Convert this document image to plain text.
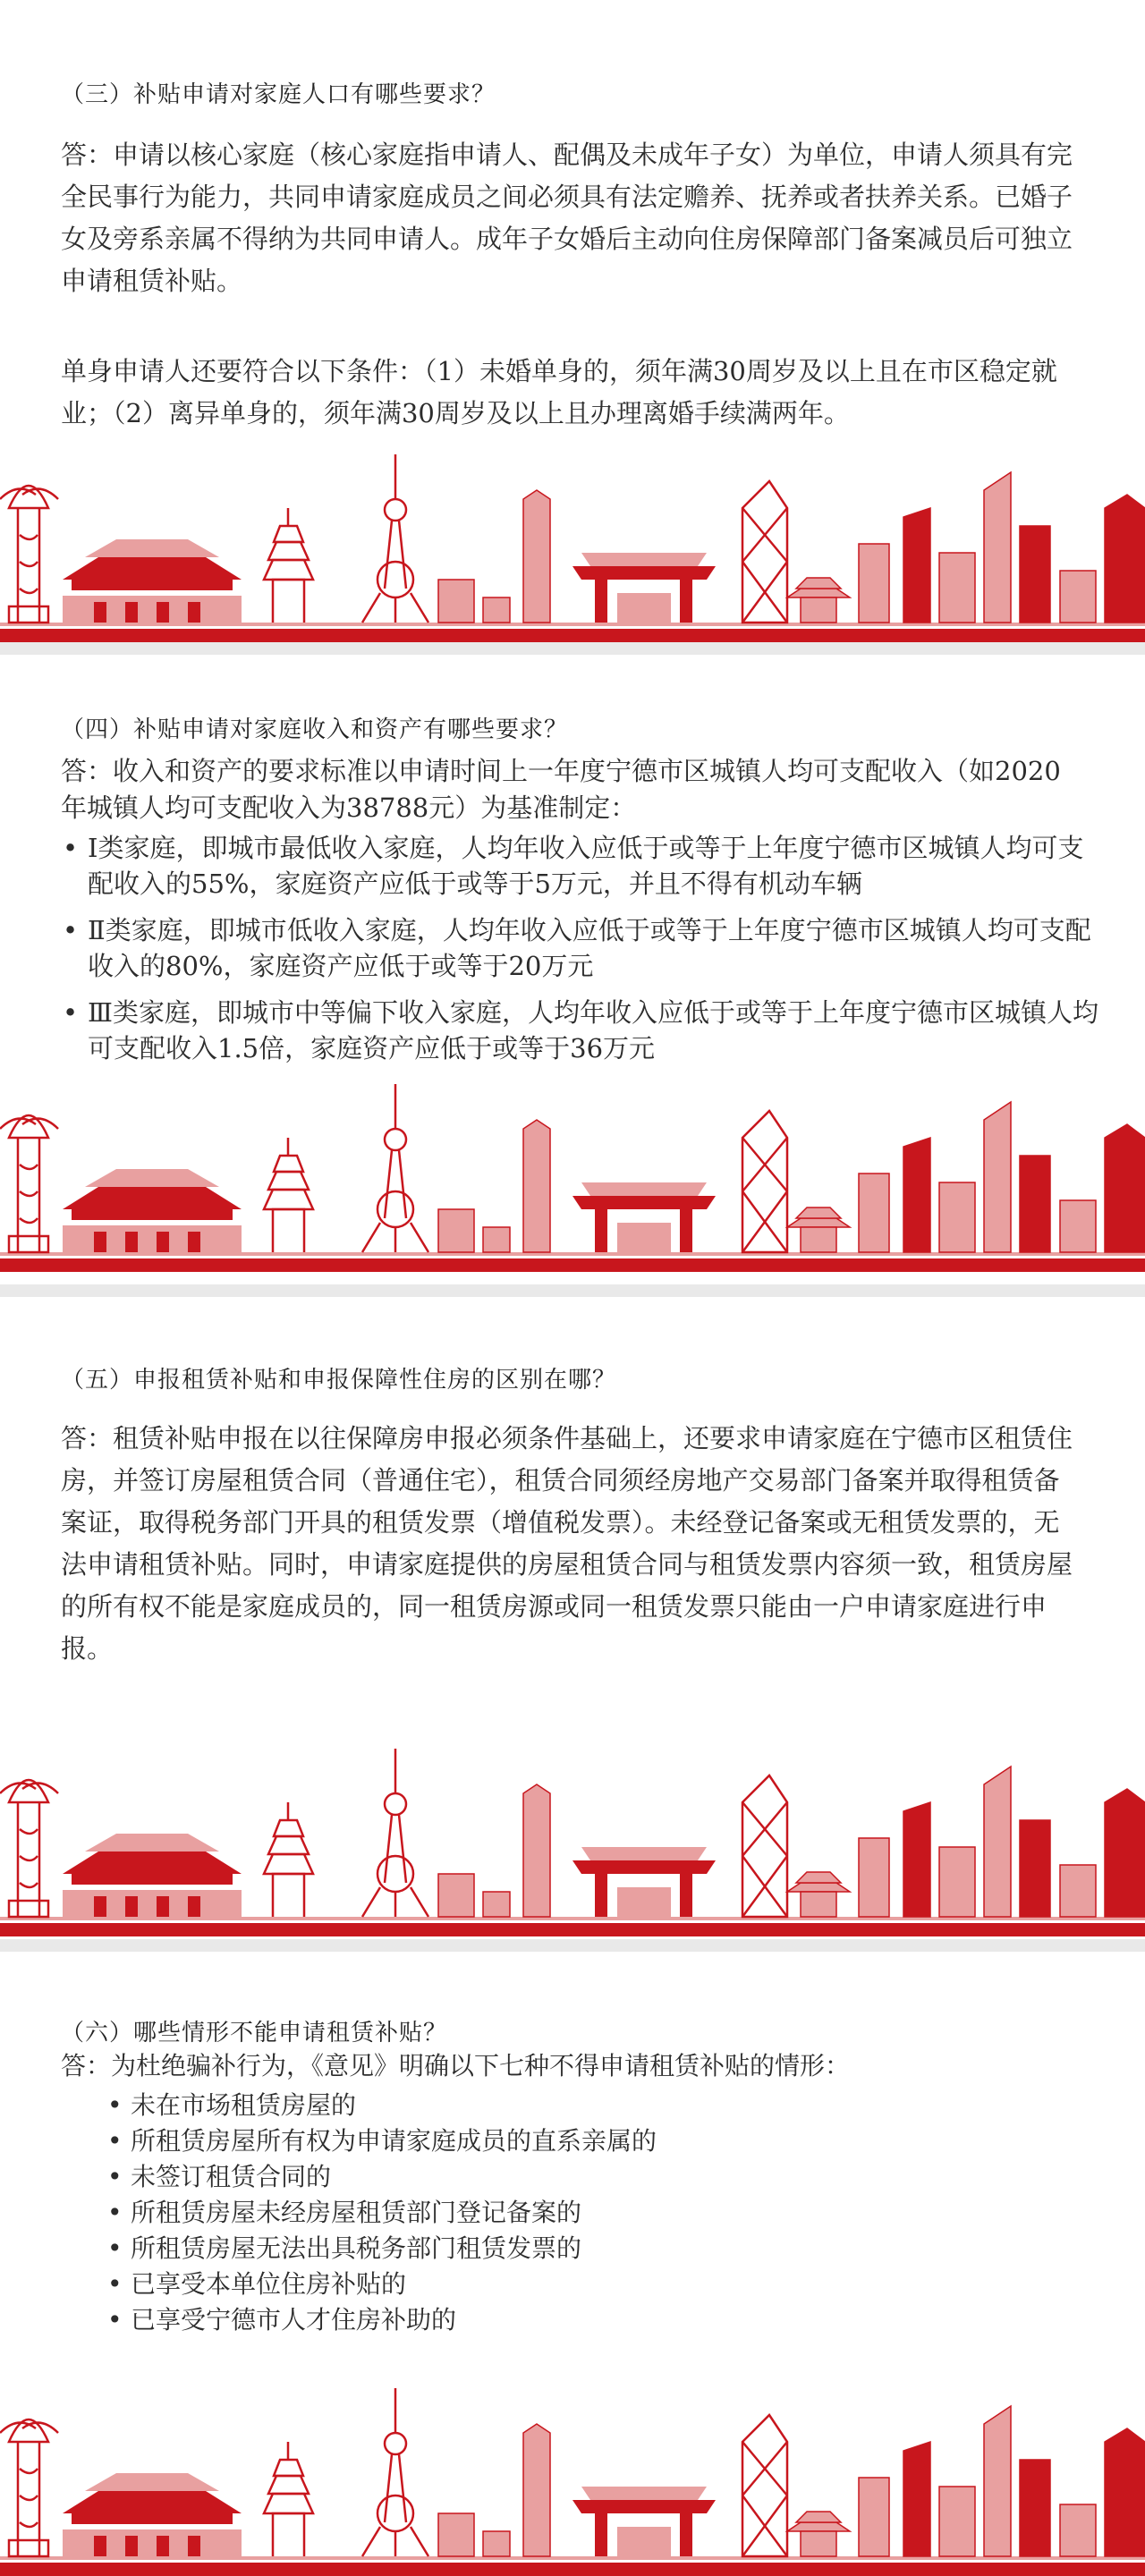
（三）补贴申请对家庭人口有哪些要求？

答：申请以核心家庭（核心家庭指申请人、配偶及未成年子女）为单位，申请人须具有完全民事行为能力，共同申请家庭成员之间必须具有法定赡养、抚养或者扶养关系。已婚子女及旁系亲属不得纳为共同申请人。成年子女婚后主动向住房保障部门备案减员后可独立申请租赁补贴。

单身申请人还要符合以下条件：（1）未婚单身的，须年满30周岁及以上且在市区稳定就业；（2）离异单身的，须年满30周岁及以上且办理离婚手续满两年。

（四）补贴申请对家庭收入和资产有哪些要求？

答：收入和资产的要求标准以申请时间上一年度宁德市区城镇人均可支配收入（如2020年城镇人均可支配收入为38788元）为基准制定：

• Ⅰ类家庭，即城市最低收入家庭，人均年收入应低于或等于上年度宁德市区城镇人均可支配收入的55%，家庭资产应低于或等于5万元，并且不得有机动车辆
• Ⅱ类家庭，即城市低收入家庭，人均年收入应低于或等于上年度宁德市区城镇人均可支配收入的80%，家庭资产应低于或等于20万元
• Ⅲ类家庭，即城市中等偏下收入家庭，人均年收入应低于或等于上年度宁德市区城镇人均可支配收入1.5倍，家庭资产应低于或等于36万元
（五）申报租赁补贴和申报保障性住房的区别在哪？

答：租赁补贴申报在以往保障房申报必须条件基础上，还要求申请家庭在宁德市区租赁住房，并签订房屋租赁合同（普通住宅），租赁合同须经房地产交易部门备案并取得租赁备案证，取得税务部门开具的租赁发票（增值税发票）。未经登记备案或无租赁发票的，无法申请租赁补贴。同时，申请家庭提供的房屋租赁合同与租赁发票内容须一致，租赁房屋的所有权不能是家庭成员的，同一租赁房源或同一租赁发票只能由一户申请家庭进行申报。

（六）哪些情形不能申请租赁补贴？

答：为杜绝骗补行为，《意见》明确以下七种不得申请租赁补贴的情形：

• 未在市场租赁房屋的
• 所租赁房屋所有权为申请家庭成员的直系亲属的
• 未签订租赁合同的
• 所租赁房屋未经房屋租赁部门登记备案的
• 所租赁房屋无法出具税务部门租赁发票的
• 已享受本单位住房补贴的
• 已享受宁德市人才住房补助的
